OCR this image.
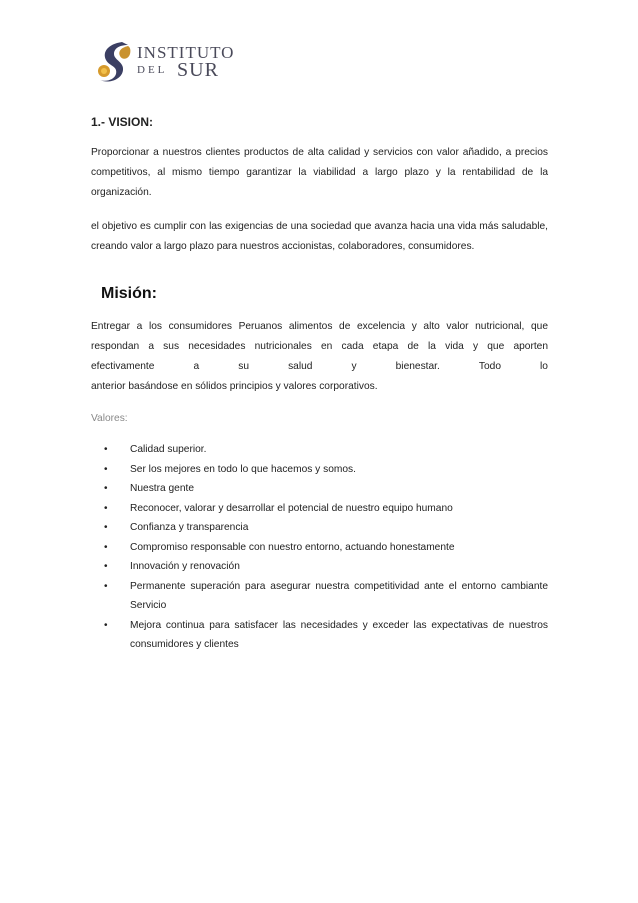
INSTITUTO
DEL SUR
1.- VISION:

Proporcionar a nuestros clientes productos de alta calidad y servicios con valor añadido, a precios competitivos, al mismo tiempo garantizar la viabilidad a largo plazo y la rentabilidad de la organización.

el objetivo es cumplir con las exigencias de una sociedad que avanza hacia una vida más saludable, creando valor a largo plazo para nuestros accionistas, colaboradores, consumidores.

Misión:

Entregar a los consumidores Peruanos alimentos de excelencia y alto valor nutricional, que

respondan a sus necesidades nutricionales en cada etapa de la vida y que aporten

efectivamente	a	su	salud	y	bienestar.	Todo	lo

anterior basándose en sólidos principios y valores corporativos.

Valores:
• Calidad superior.
• Ser los mejores en todo lo que hacemos y somos.
• Nuestra gente
• Reconocer, valorar y desarrollar el potencial de nuestro equipo humano
• Confianza y transparencia
• Compromiso responsable con nuestro entorno, actuando honestamente
• Innovación y renovación
• Permanente superación para asegurar nuestra competitividad ante el entorno cambiante Servicio
• Mejora continua para satisfacer las necesidades y exceder las expectativas de nuestros consumidores y clientes
